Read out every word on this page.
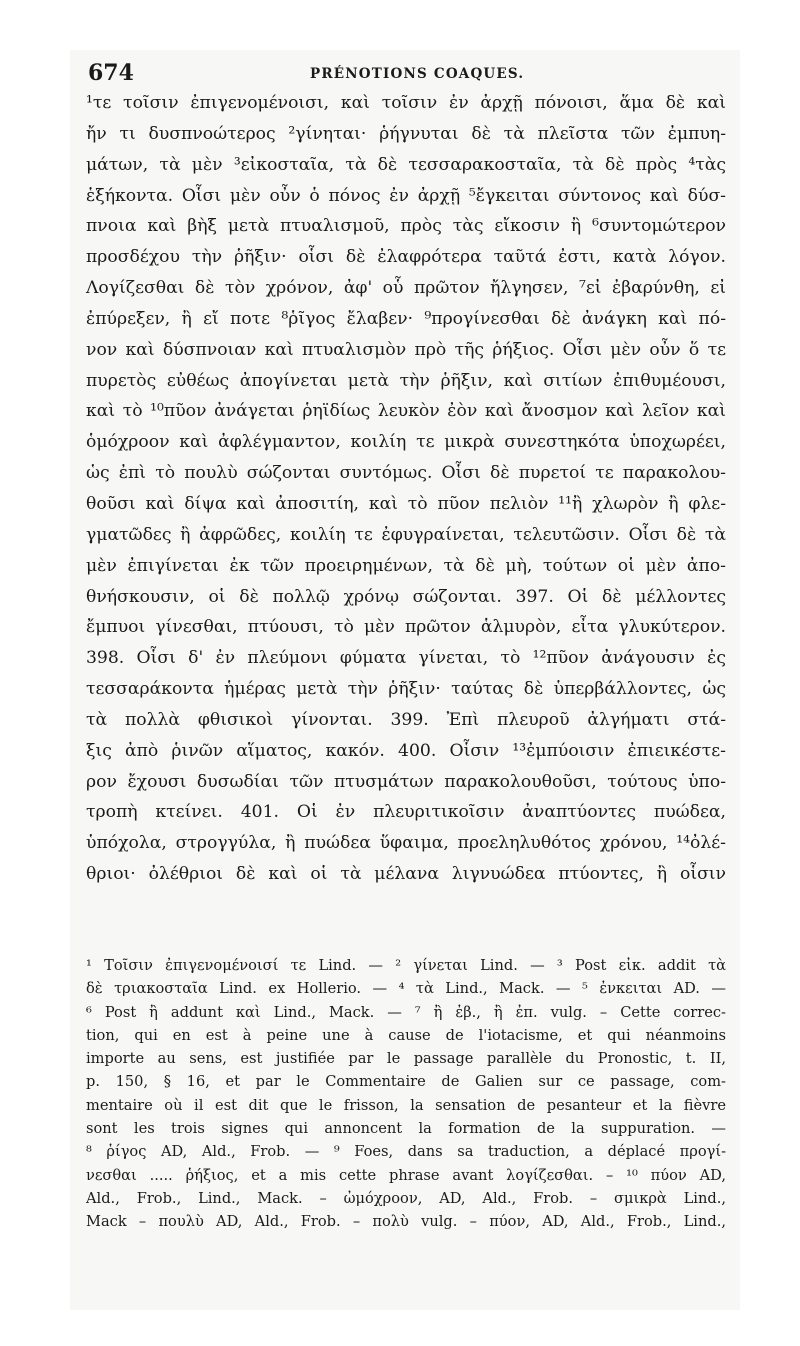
674	PRÉNOTIONS COAQUES.
¹τε τοῖσιν ἐπιγενομένοισι, καὶ τοῖσιν ἐν ἀρχῇ πόνοισι, ἅμα δὲ καὶ
ἤν τι δυσπνοώτερος ²γίνηται· ῥήγνυται δὲ τὰ πλεῖστα τῶν ἐμπυη-
μάτων, τὰ μὲν ³εἰκοσταῖα, τὰ δὲ τεσσαρακοσταῖα, τὰ δὲ πρὸς ⁴τὰς
ἑξήκοντα. Οἷσι μὲν οὖν ὁ πόνος ἐν ἀρχῇ ⁵ἔγκειται σύντονος καὶ δύσ-
πνοια καὶ βὴξ μετὰ πτυαλισμοῦ, πρὸς τὰς εἴκοσιν ἢ ⁶συντομώτερον
προσδέχου τὴν ῥῆξιν· οἷσι δὲ ἐλαφρότερα ταῦτά ἐστι, κατὰ λόγον.
Λογίζεσθαι δὲ τὸν χρόνον, ἀφ' οὗ πρῶτον ἤλγησεν, ⁷εἰ ἐβαρύνθη, εἰ
ἐπύρεξεν, ἢ εἴ ποτε ⁸ῥῖγος ἔλαβεν· ⁹προγίνεσθαι δὲ ἀνάγκη καὶ πό-
νον καὶ δύσπνοιαν καὶ πτυαλισμὸν πρὸ τῆς ῥήξιος. Οἷσι μὲν οὖν ὅ τε
πυρετὸς εὐθέως ἀπογίνεται μετὰ τὴν ῥῆξιν, καὶ σιτίων ἐπιθυμέουσι,
καὶ τὸ ¹⁰πῦον ἀνάγεται ῥηϊδίως λευκὸν ἐὸν καὶ ἄνοσμον καὶ λεῖον καὶ
ὁμόχροον καὶ ἀφλέγμαντον, κοιλίη τε μικρὰ συνεστηκότα ὑποχωρέει,
ὡς ἐπὶ τὸ πουλὺ σώζονται συντόμως. Οἷσι δὲ πυρετοί τε παρακολου-
θοῦσι καὶ δίψα καὶ ἀποσιτίη, καὶ τὸ πῦον πελιὸν ¹¹ἢ χλωρὸν ἢ φλε-
γματῶδες ἢ ἀφρῶδες, κοιλίη τε ἐφυγραίνεται, τελευτῶσιν. Οἷσι δὲ τὰ
μὲν ἐπιγίνεται ἐκ τῶν προειρημένων, τὰ δὲ μὴ, τούτων οἱ μὲν ἀπο-
θνήσκουσιν, οἱ δὲ πολλῷ χρόνῳ σώζονται. 397. Οἱ δὲ μέλλοντες
ἔμπυοι γίνεσθαι, πτύουσι, τὸ μὲν πρῶτον ἁλμυρὸν, εἶτα γλυκύτερον.
398. Οἷσι δ' ἐν πλεύμονι φύματα γίνεται, τὸ ¹²πῦον ἀνάγουσιν ἐς
τεσσαράκοντα ἡμέρας μετὰ τὴν ῥῆξιν· ταύτας δὲ ὑπερβάλλοντες, ὡς
τὰ πολλὰ φθισικοὶ γίνονται. 399. Ἐπὶ πλευροῦ ἀλγήματι στά-
ξις ἀπὸ ῥινῶν αἵματος, κακόν. 400. Οἷσιν ¹³ἐμπύοισιν ἐπιεικέστε-
ρον ἔχουσι δυσωδίαι τῶν πτυσμάτων παρακολουθοῦσι, τούτους ὑπο-
τροπὴ κτείνει. 401. Οἱ ἐν πλευριτικοῖσιν ἀναπτύοντες πυώδεα,
ὑπόχολα, στρογγύλα, ἢ πυώδεα ὕφαιμα, προεληλυθότος χρόνου, ¹⁴ὀλέ-
θριοι· ὀλέθριοι δὲ καὶ οἱ τὰ μέλανα λιγνυώδεα πτύοντες, ἢ οἷσιν
¹ Τοῖσιν ἐπιγενομένοισί τε Lind. — ² γίνεται Lind. — ³ Post εἰκ. addit τὰ
δὲ τριακοσταῖα Lind. ex Hollerio. — ⁴ τὰ Lind., Mack. — ⁵ ἐνκειται AD. —
⁶ Post ἢ addunt καὶ Lind., Mack. — ⁷ ἢ ἐβ., ἢ ἐπ. vulg. – Cette correc-
tion, qui en est à peine une à cause de l'iotacisme, et qui néanmoins
importe au sens, est justifiée par le passage parallèle du Pronostic, t. II,
p. 150, § 16, et par le Commentaire de Galien sur ce passage, com-
mentaire où il est dit que le frisson, la sensation de pesanteur et la fièvre
sont les trois signes qui annoncent la formation de la suppuration. —
⁸ ῥίγος AD, Ald., Frob. — ⁹ Foes, dans sa traduction, a déplacé προγί-
νεσθαι ..... ῥήξιος, et a mis cette phrase avant λογίζεσθαι. – ¹⁰ πύον AD,
Ald., Frob., Lind., Mack. – ὠμόχροον, AD, Ald., Frob. – σμικρὰ Lind.,
Mack – πουλὺ AD, Ald., Frob. – πολὺ vulg. – πύον, AD, Ald., Frob., Lind.,
